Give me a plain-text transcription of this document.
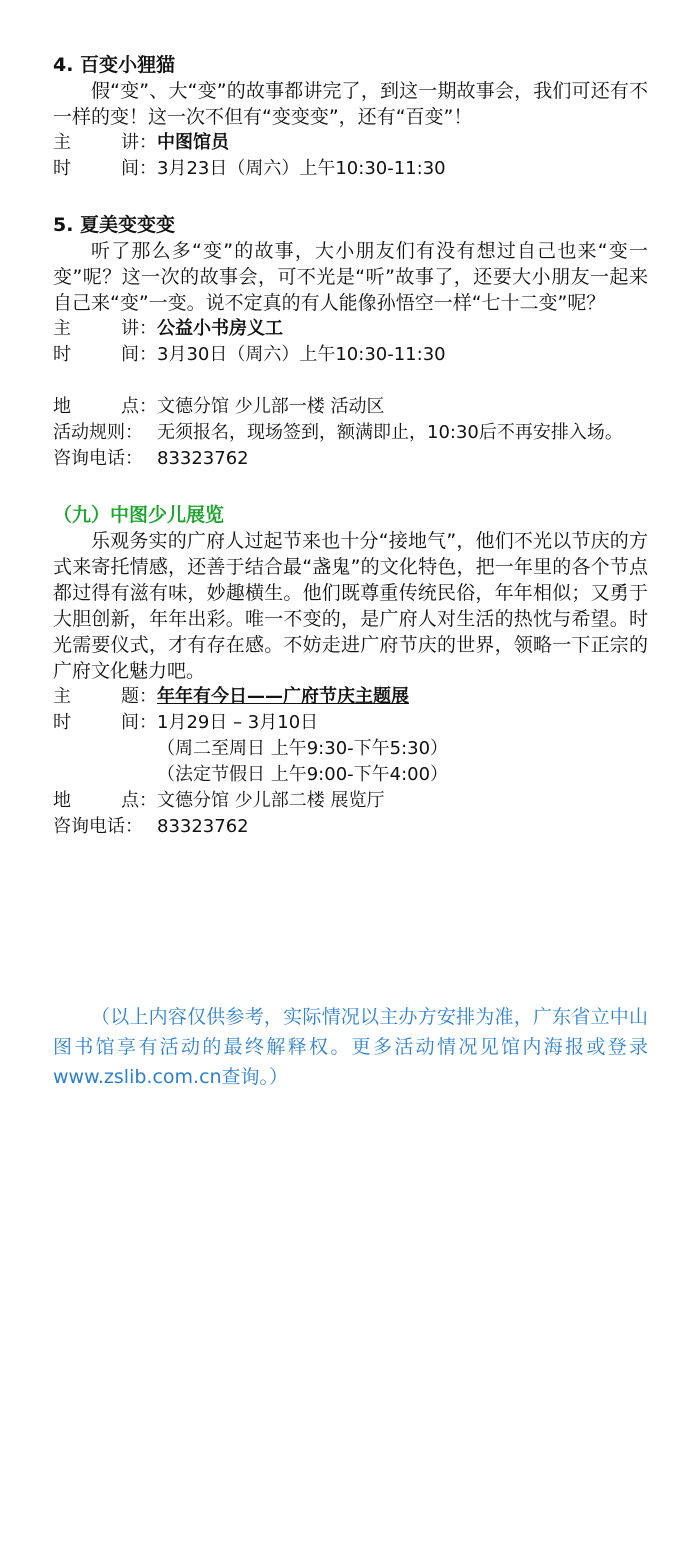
4. 百变小狸猫

假“变”、大“变”的故事都讲完了，到这一期故事会，我们可还有不一样的变！这一次不但有“变变变”，还有“百变”！

主	讲： 中图馆员
时	间： 3月23日（周六）上午10:30-11:30

5. 夏美变变变

听了那么多“变”的故事，大小朋友们有没有想过自己也来“变一变”呢？这一次的故事会，可不光是“听”故事了，还要大小朋友一起来自己来“变”一变。说不定真的有人能像孙悟空一样“七十二变”呢？

主	讲： 公益小书房义工
时	间： 3月30日（周六）上午10:30-11:30
地	点： 文德分馆 少儿部一楼 活动区
活动规则： 无须报名，现场签到，额满即止，10:30后不再安排入场。
咨询电话： 83323762

（九）中图少儿展览

乐观务实的广府人过起节来也十分“接地气”，他们不光以节庆的方式来寄托情感，还善于结合最“盏鬼”的文化特色，把一年里的各个节点都过得有滋有味，妙趣横生。他们既尊重传统民俗，年年相似；又勇于大胆创新，年年出彩。唯一不变的，是广府人对生活的热忱与希望。时光需要仪式，才有存在感。不妨走进广府节庆的世界，领略一下正宗的广府文化魅力吧。

主	题： 年年有今日——广府节庆主题展
时	间： 1月29日 – 3月10日
（周二至周日 上午9:30-下午5:30）
（法定节假日 上午9:00-下午4:00）
地	点： 文德分馆 少儿部二楼 展览厅
咨询电话： 83323762

（以上内容仅供参考，实际情况以主办方安排为准，广东省立中山图书馆享有活动的最终解释权。更多活动情况见馆内海报或登录www.zslib.com.cn查询。）
